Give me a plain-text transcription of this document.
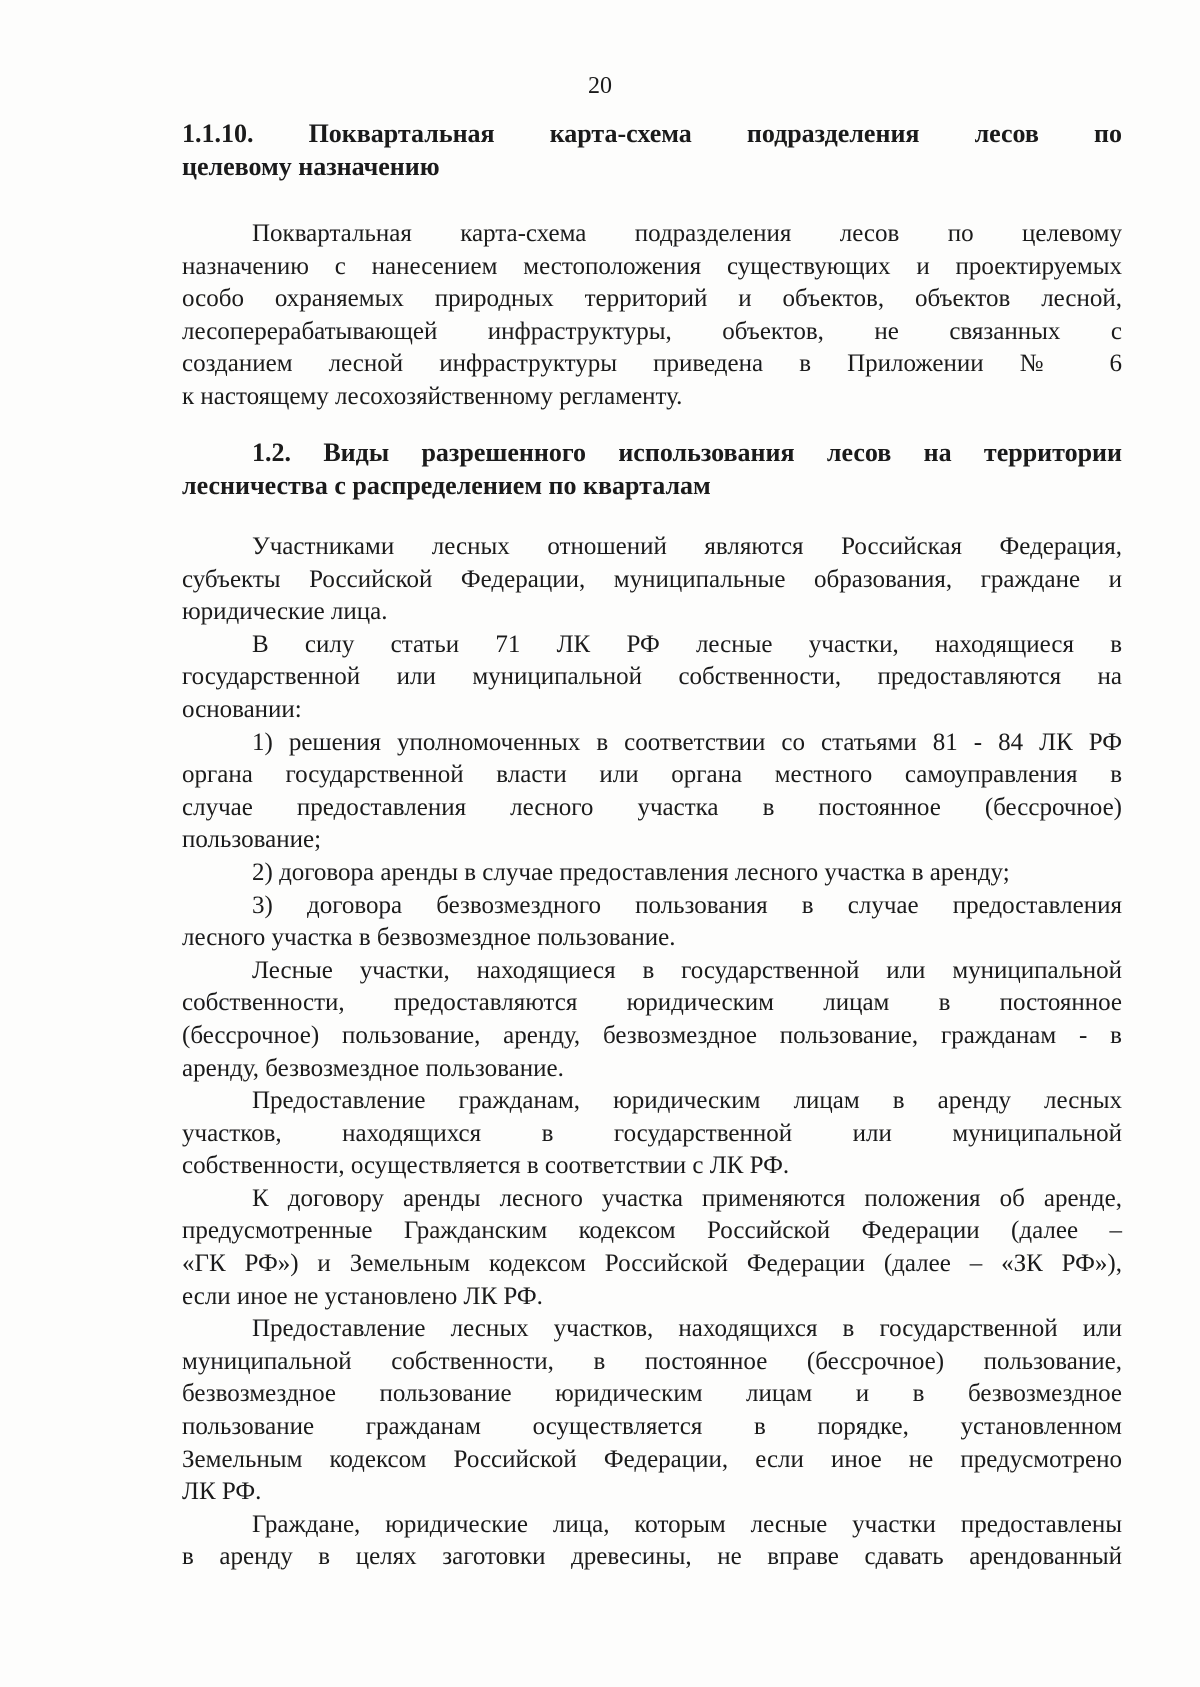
20
1.1.10. Поквартальная карта-схема подразделения лесов по
целевому назначению
Поквартальная карта-схема подразделения лесов по целевому
назначению с нанесением местоположения существующих и проектируемых
особо охраняемых природных территорий и объектов, объектов лесной,
лесоперерабатывающей инфраструктуры, объектов, не связанных с
созданием лесной инфраструктуры приведена в Приложении № 6
к настоящему лесохозяйственному регламенту.
1.2. Виды разрешенного использования лесов на территории
лесничества с распределением по кварталам
Участниками лесных отношений являются Российская Федерация,
субъекты Российской Федерации, муниципальные образования, граждане и
юридические лица.
В силу статьи 71 ЛК РФ лесные участки, находящиеся в
государственной или муниципальной собственности, предоставляются на
основании:
1) решения уполномоченных в соответствии со статьями 81 - 84 ЛК РФ
органа государственной власти или органа местного самоуправления в
случае предоставления лесного участка в постоянное (бессрочное)
пользование;
2) договора аренды в случае предоставления лесного участка в аренду;
3) договора безвозмездного пользования в случае предоставления
лесного участка в безвозмездное пользование.
Лесные участки, находящиеся в государственной или муниципальной
собственности, предоставляются юридическим лицам в постоянное
(бессрочное) пользование, аренду, безвозмездное пользование, гражданам - в
аренду, безвозмездное пользование.
Предоставление гражданам, юридическим лицам в аренду лесных
участков, находящихся в государственной или муниципальной
собственности, осуществляется в соответствии с ЛК РФ.
К договору аренды лесного участка применяются положения об аренде,
предусмотренные Гражданским кодексом Российской Федерации (далее –
«ГК РФ») и Земельным кодексом Российской Федерации (далее – «ЗК РФ»),
если иное не установлено ЛК РФ.
Предоставление лесных участков, находящихся в государственной или
муниципальной собственности, в постоянное (бессрочное) пользование,
безвозмездное пользование юридическим лицам и в безвозмездное
пользование гражданам осуществляется в порядке, установленном
Земельным кодексом Российской Федерации, если иное не предусмотрено
ЛК РФ.
Граждане, юридические лица, которым лесные участки предоставлены
в аренду в целях заготовки древесины, не вправе сдавать арендованный
